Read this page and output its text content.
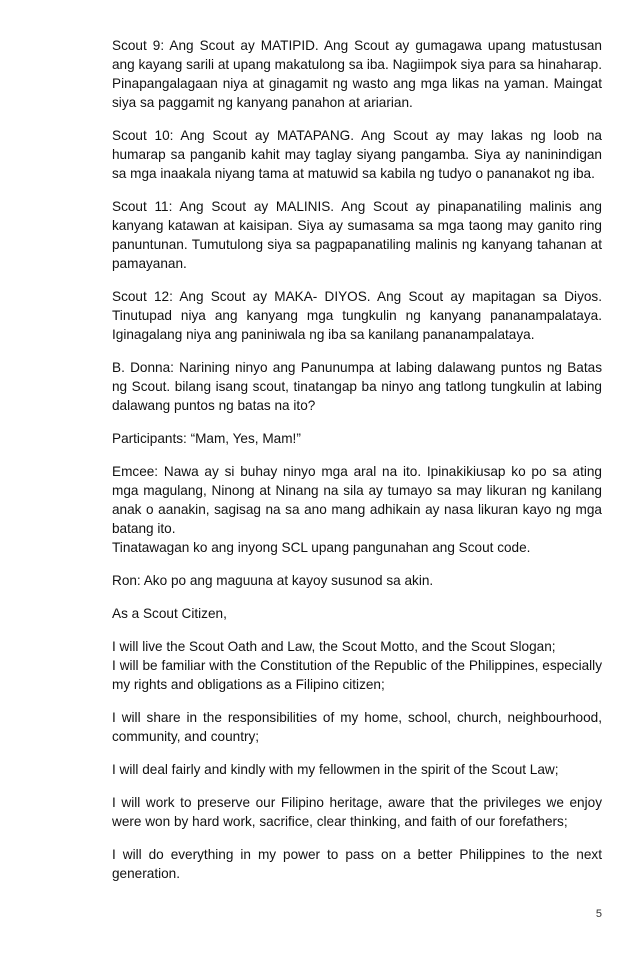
Scout 9: Ang Scout ay MATIPID. Ang Scout ay gumagawa upang matustusan ang kayang sarili at upang makatulong sa iba. Nagiimpok siya para sa hinaharap. Pinapangalagaan niya at ginagamit ng wasto ang mga likas na yaman. Maingat siya sa paggamit ng kanyang panahon at ariarian.

Scout 10: Ang Scout ay MATAPANG. Ang Scout ay may lakas ng loob na humarap sa panganib kahit may taglay siyang pangamba. Siya ay naninindigan sa mga inaakala niyang tama at matuwid sa kabila ng tudyo o pananakot ng iba.

Scout 11: Ang Scout ay MALINIS. Ang Scout ay pinapanatiling malinis ang kanyang katawan at kaisipan. Siya ay sumasama sa mga taong may ganito ring panuntunan. Tumutulong siya sa pagpapanatiling malinis ng kanyang tahanan at pamayanan.

Scout 12: Ang Scout ay MAKA- DIYOS. Ang Scout ay mapitagan sa Diyos. Tinutupad niya ang kanyang mga tungkulin ng kanyang pananampalataya. Iginagalang niya ang paniniwala ng iba sa kanilang pananampalataya.

B. Donna: Narining ninyo ang Panunumpa at labing dalawang puntos ng Batas ng Scout. bilang isang scout, tinatangap ba ninyo ang tatlong tungkulin at labing dalawang puntos ng batas na ito?

Participants: “Mam, Yes, Mam!”

Emcee: Nawa ay si buhay ninyo mga aral na ito. Ipinakikiusap ko po sa ating mga magulang, Ninong at Ninang na sila ay tumayo sa may likuran ng kanilang anak o aanakin, sagisag na sa ano mang adhikain ay nasa likuran kayo ng mga batang ito.

Tinatawagan ko ang inyong SCL upang pangunahan ang Scout code.

Ron: Ako po ang maguuna at kayoy susunod sa akin.

As a Scout Citizen,

I will live the Scout Oath and Law, the Scout Motto, and the Scout Slogan;

I will be familiar with the Constitution of the Republic of the Philippines, especially my rights and obligations as a Filipino citizen;

I will share in the responsibilities of my home, school, church, neighbourhood, community, and country;

I will deal fairly and kindly with my fellowmen in the spirit of the Scout Law;

I will work to preserve our Filipino heritage, aware that the privileges we enjoy were won by hard work, sacrifice, clear thinking, and faith of our forefathers;

I will do everything in my power to pass on a better Philippines to the next generation.

5
